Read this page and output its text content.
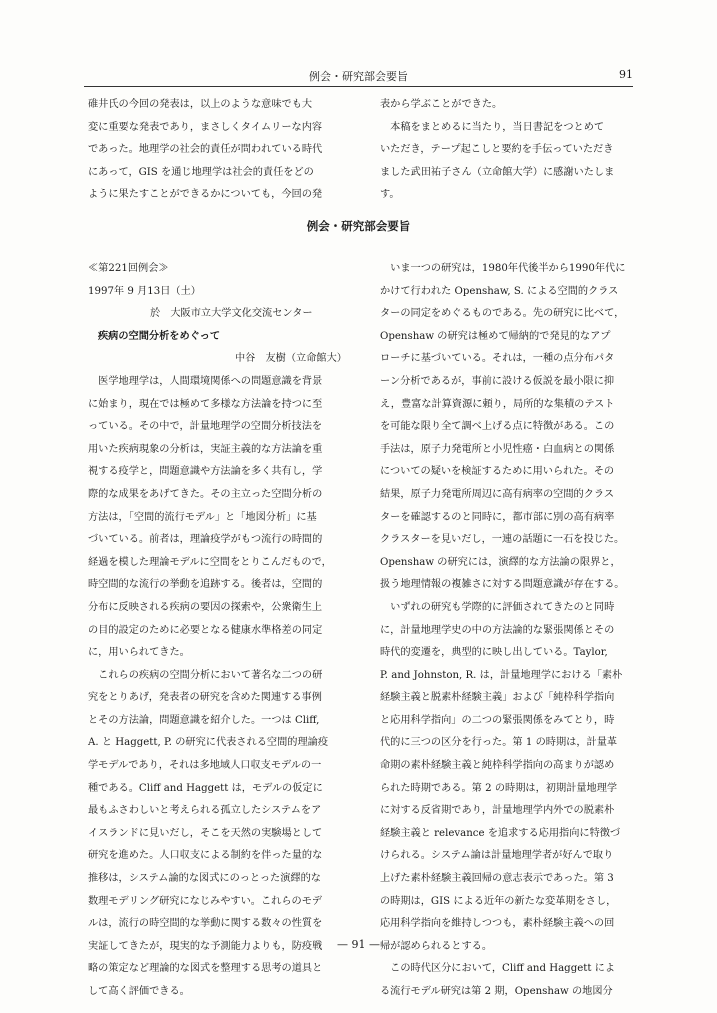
例会・研究部会要旨	91
碓井氏の今回の発表は，以上のような意味でも大
変に重要な発表であり，まさしくタイムリーな内容
であった。地理学の社会的責任が問われている時代
にあって，GIS を通じ地理学は社会的責任をどの
ように果たすことができるかについても，今回の発
表から学ぶことができた。
　本稿をまとめるに当たり，当日書記をつとめて
いただき，テープ起こしと要約を手伝っていただき
ました武田祐子さん（立命館大学）に感謝いたしま
す。
例会・研究部会要旨
≪第221回例会≫
1997年 9 月13日（土）
於　大阪市立大学文化交流センター
疾病の空間分析をめぐって
中谷　友樹（立命館大）
　医学地理学は，人間環境関係への問題意識を背景
に始まり，現在では極めて多様な方法論を持つに至
っている。その中で，計量地理学の空間分析技法を
用いた疾病現象の分析は，実証主義的な方法論を重
視する疫学と，問題意識や方法論を多く共有し，学
際的な成果をあげてきた。その主立った空間分析の
方法は，「空間的流行モデル」と「地図分析」に基
づいている。前者は，理論疫学がもつ流行の時間的
経過を模した理論モデルに空間をとりこんだもので，
時空間的な流行の挙動を追跡する。後者は，空間的
分布に反映される疾病の要因の探索や，公衆衛生上
の目的設定のために必要となる健康水準格差の同定
に，用いられてきた。
　これらの疾病の空間分析において著名な二つの研
究をとりあげ，発表者の研究を含めた関連する事例
とその方法論，問題意識を紹介した。一つは Cliff,
A. と Haggett, P. の研究に代表される空間的理論疫
学モデルであり，それは多地域人口収支モデルの一
種である。Cliff and Haggett は，モデルの仮定に
最もふさわしいと考えられる孤立したシステムをア
イスランドに見いだし，そこを天然の実験場として
研究を進めた。人口収支による制約を伴った量的な
推移は，システム論的な図式にのっとった演繹的な
数理モデリング研究になじみやすい。これらのモデ
ルは，流行の時空間的な挙動に関する数々の性質を
実証してきたが，現実的な予測能力よりも，防疫戦
略の策定など理論的な図式を整理する思考の道具と
して高く評価できる。
　いま一つの研究は，1980年代後半から1990年代に
かけて行われた Openshaw, S. による空間的クラス
ターの同定をめぐるものである。先の研究に比べて，
Openshaw の研究は極めて帰納的で発見的なアプ
ローチに基づいている。それは，一種の点分布パタ
ーン分析であるが，事前に設ける仮説を最小限に抑
え，豊富な計算資源に頼り，局所的な集積のテスト
を可能な限り全て調べ上げる点に特徴がある。この
手法は，原子力発電所と小児性癌・白血病との関係
についての疑いを検証するために用いられた。その
結果，原子力発電所周辺に高有病率の空間的クラス
ターを確認するのと同時に，都市部に別の高有病率
クラスターを見いだし，一連の話題に一石を投じた。
Openshaw の研究には，演繹的な方法論の限界と，
扱う地理情報の複雑さに対する問題意識が存在する。
　いずれの研究も学際的に評価されてきたのと同時
に，計量地理学史の中の方法論的な緊張関係とその
時代的変遷を，典型的に映し出している。Taylor,
P. and Johnston, R. は，計量地理学における「素朴
経験主義と脱素朴経験主義」および「純枠科学指向
と応用科学指向」の二つの緊張関係をみてとり，時
代的に三つの区分を行った。第 1 の時期は，計量革
命期の素朴経験主義と純枠科学指向の高まりが認め
られた時期である。第 2 の時期は，初期計量地理学
に対する反省期であり，計量地理学内外での脱素朴
経験主義と relevance を追求する応用指向に特徴づ
けられる。システム論は計量地理学者が好んで取り
上げた素朴経験主義回帰の意志表示であった。第 3
の時期は，GIS による近年の新たな変革期をさし，
応用科学指向を維持しつつも，素朴経験主義への回
帰が認められるとする。
　この時代区分において，Cliff and Haggett によ
る流行モデル研究は第 2 期，Openshaw の地図分
— 91 —
